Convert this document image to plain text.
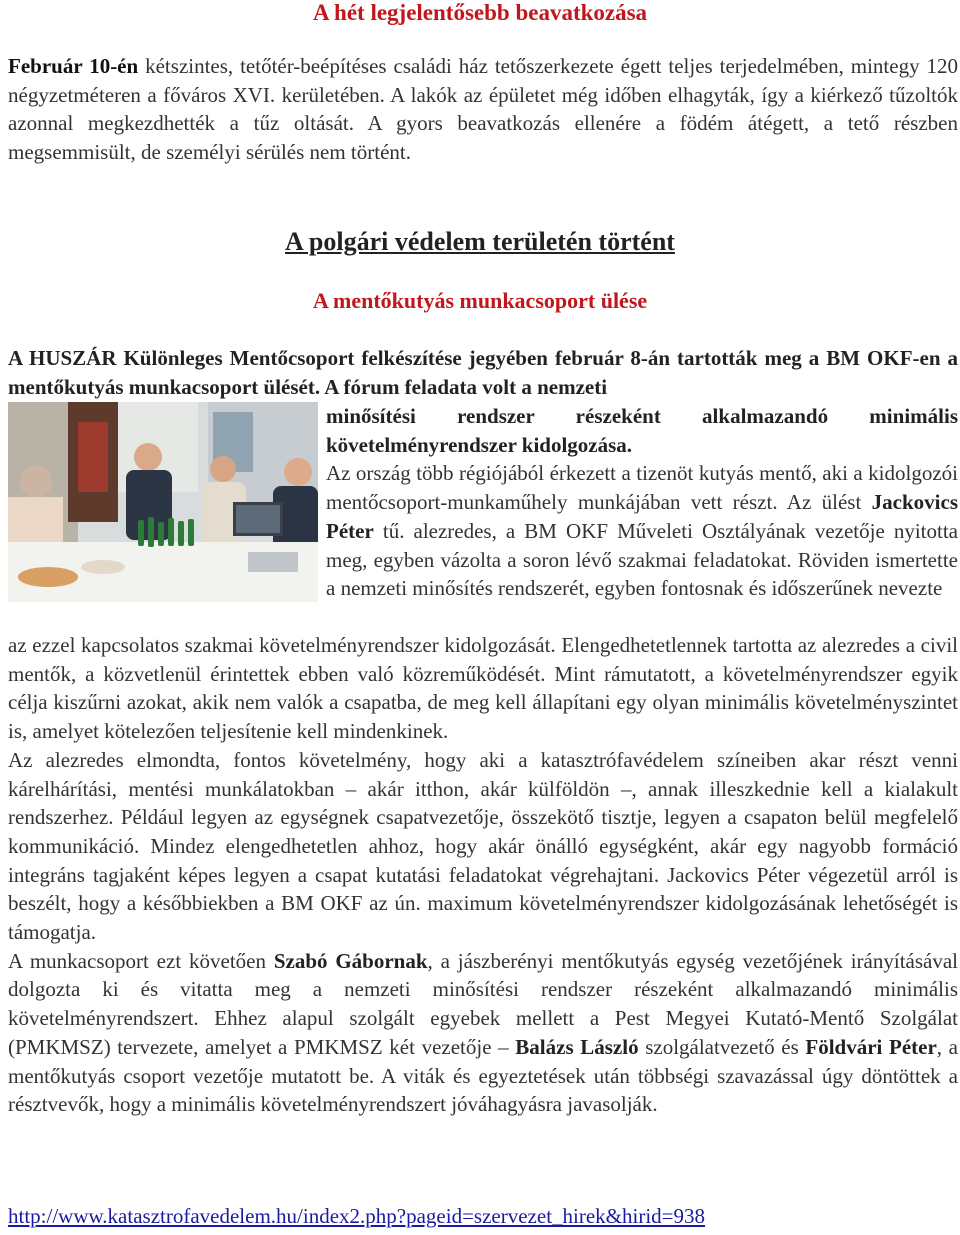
A hét legjelentősebb beavatkozása

Február 10-én kétszintes, tetőtér-beépítéses családi ház tetőszerkezete égett teljes terjedelmében, mintegy 120 négyzetméteren a főváros XVI. kerületében. A lakók az épületet még időben elhagyták, így a kiérkező tűzoltók azonnal megkezdhették a tűz oltását. A gyors beavatkozás ellenére a födém átégett, a tető részben megsemmisült, de személyi sérülés nem történt.

A polgári védelem területén történt
A mentőkutyás munkacsoport ülése

A HUSZÁR Különleges Mentőcsoport felkészítése jegyében február 8-án tartották meg a BM OKF-en a mentőkutyás munkacsoport ülését. A fórum feladata volt a nemzeti

minősítési rendszer részeként alkalmazandó minimális követelményrendszer kidolgozása.
Az ország több régiójából érkezett a tizenöt kutyás mentő, aki a kidolgozói mentőcsoport-munkaműhely munkájában vett részt. Az ülést Jackovics Péter tű. alezredes, a BM OKF Műveleti Osztályának vezetője nyitotta meg, egyben vázolta a soron lévő szakmai feladatokat. Röviden ismertette a nemzeti minősítés rendszerét, egyben fontosnak és időszerűnek nevezte

az ezzel kapcsolatos szakmai követelményrendszer kidolgozását. Elengedhetetlennek tartotta az alezredes a civil mentők, a közvetlenül érintettek ebben való közreműködését. Mint rámutatott, a követelményrendszer egyik célja kiszűrni azokat, akik nem valók a csapatba, de meg kell állapítani egy olyan minimális követelményszintet is, amelyet kötelezően teljesítenie kell mindenkinek.

Az alezredes elmondta, fontos követelmény, hogy aki a katasztrófavédelem színeiben akar részt venni kárelhárítási, mentési munkálatokban – akár itthon, akár külföldön –, annak illeszkednie kell a kialakult rendszerhez. Például legyen az egységnek csapatvezetője, összekötő tisztje, legyen a csapaton belül megfelelő kommunikáció. Mindez elengedhetetlen ahhoz, hogy akár önálló egységként, akár egy nagyobb formáció integráns tagjaként képes legyen a csapat kutatási feladatokat végrehajtani. Jackovics Péter végezetül arról is beszélt, hogy a későbbiekben a BM OKF az ún. maximum követelményrendszer kidolgozásának lehetőségét is támogatja.

A munkacsoport ezt követően Szabó Gábornak, a jászberényi mentőkutyás egység vezetőjének irányításával dolgozta ki és vitatta meg a nemzeti minősítési rendszer részeként alkalmazandó minimális követelményrendszert. Ehhez alapul szolgált egyebek mellett a Pest Megyei Kutató-Mentő Szolgálat (PMKMSZ) tervezete, amelyet a PMKMSZ két vezetője – Balázs László szolgálatvezető és Földvári Péter, a mentőkutyás csoport vezetője mutatott be. A viták és egyeztetések után többségi szavazással úgy döntöttek a résztvevők, hogy a minimális követelményrendszert jóváhagyásra javasolják.

http://www.katasztrofavedelem.hu/index2.php?pageid=szervezet_hirek&hirid=938
